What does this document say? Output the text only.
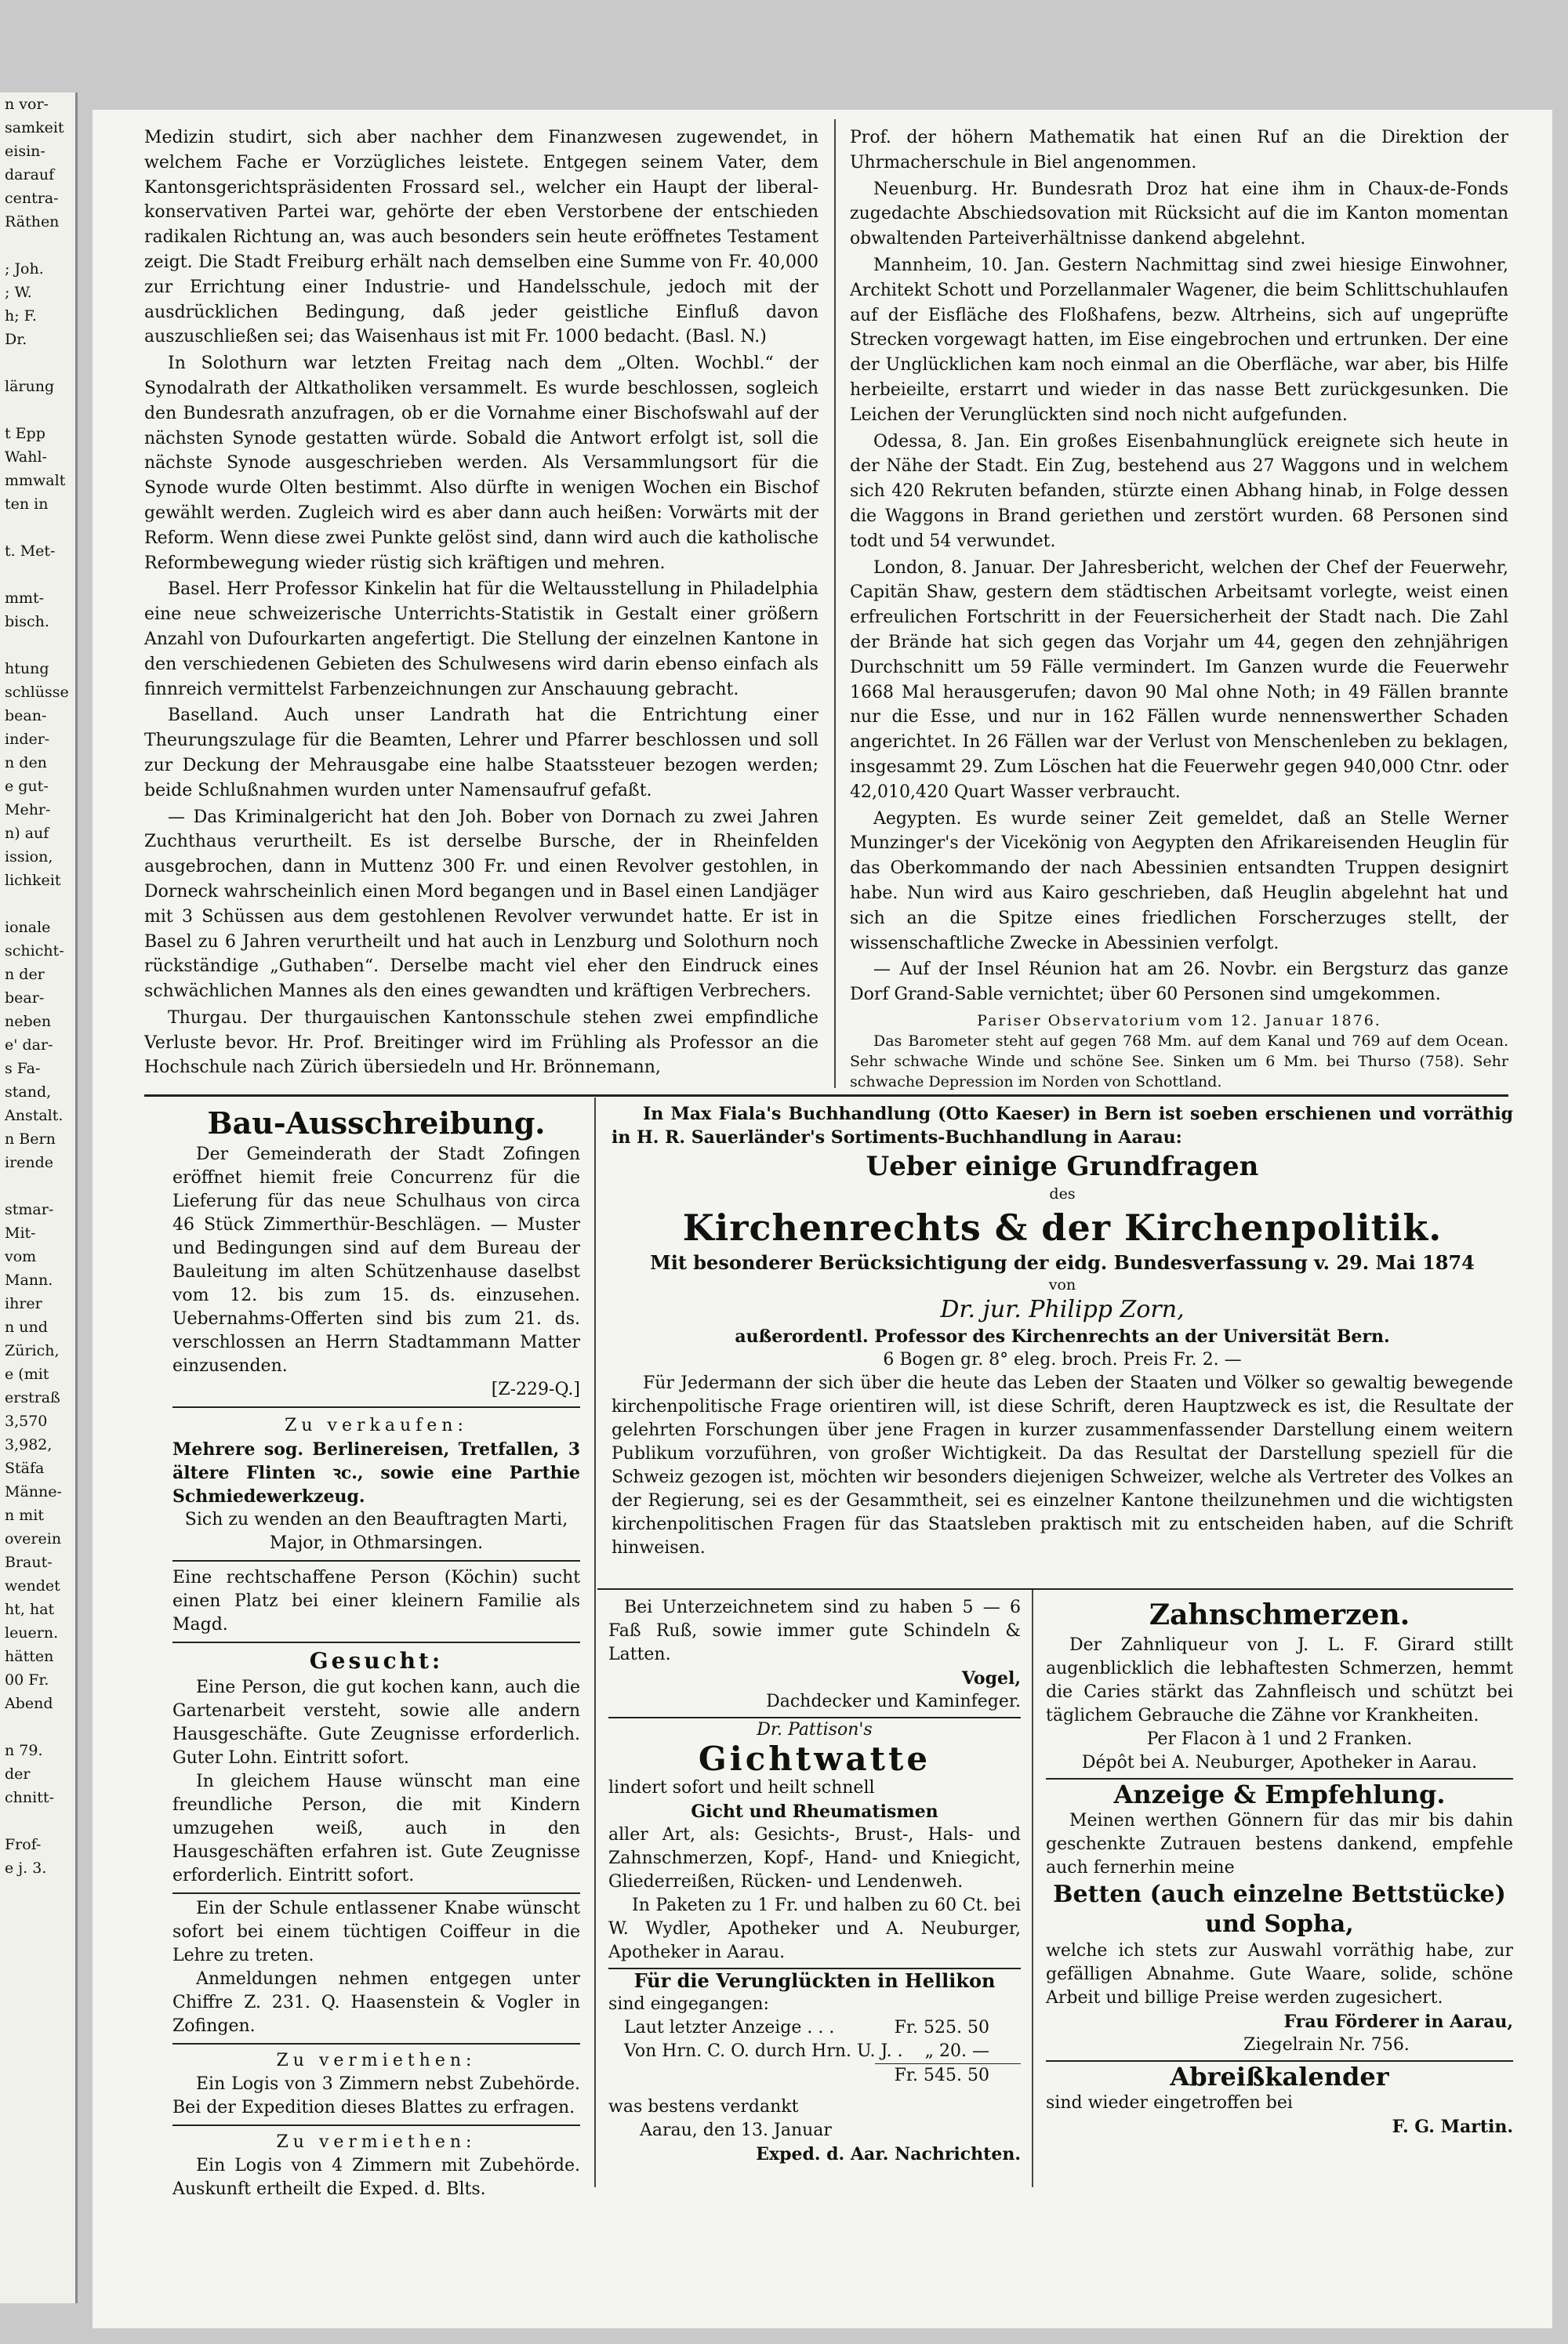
n vor-
samkeit
eisin-
darauf
centra-
Räthen

; Joh.
; W.
h; F.
Dr.

lärung

t Epp
Wahl-
mmwalt
ten in

t. Met-

mmt-
bisch.

htung
schlüsse
bean-
inder-
n den
e gut-
Mehr-
n) auf
ission,
lichkeit

ionale
schicht-
n der
bear-
neben
e' dar-
s Fa-
stand,
Anstalt.
n Bern
irende

stmar-
Mit-
vom
Mann.
ihrer
n und
Zürich,
e (mit
erstraß
3,570
3,982,
Stäfa
Männe-
n mit
overein
Braut-
wendet
ht, hat
leuern.
hätten
00 Fr.
Abend

n 79.
der
chnitt-

Frof-
e j. 3.

Medizin studirt, sich aber nachher dem Finanzwesen zugewendet, in welchem Fache er Vorzügliches leistete. Entgegen seinem Vater, dem Kantonsgerichtspräsidenten Frossard sel., welcher ein Haupt der liberal-konservativen Partei war, gehörte der eben Verstorbene der entschieden radikalen Richtung an, was auch besonders sein heute eröffnetes Testament zeigt. Die Stadt Freiburg erhält nach demselben eine Summe von Fr. 40,000 zur Errichtung einer Industrie- und Handelsschule, jedoch mit der ausdrücklichen Bedingung, daß jeder geistliche Einfluß davon auszuschließen sei; das Waisenhaus ist mit Fr. 1000 bedacht. (Basl. N.)

In Solothurn war letzten Freitag nach dem „Olten. Wochbl.“ der Synodalrath der Altkatholiken versammelt. Es wurde beschlossen, sogleich den Bundesrath anzufragen, ob er die Vornahme einer Bischofswahl auf der nächsten Synode gestatten würde. Sobald die Antwort erfolgt ist, soll die nächste Synode ausgeschrieben werden. Als Versammlungsort für die Synode wurde Olten bestimmt. Also dürfte in wenigen Wochen ein Bischof gewählt werden. Zugleich wird es aber dann auch heißen: Vorwärts mit der Reform. Wenn diese zwei Punkte gelöst sind, dann wird auch die katholische Reformbewegung wieder rüstig sich kräftigen und mehren.

Basel. Herr Professor Kinkelin hat für die Weltausstellung in Philadelphia eine neue schweizerische Unterrichts-Statistik in Gestalt einer größern Anzahl von Dufourkarten angefertigt. Die Stellung der einzelnen Kantone in den verschiedenen Gebieten des Schulwesens wird darin ebenso einfach als finnreich vermittelst Farbenzeichnungen zur Anschauung gebracht.

Baselland. Auch unser Landrath hat die Entrichtung einer Theurungszulage für die Beamten, Lehrer und Pfarrer beschlossen und soll zur Deckung der Mehrausgabe eine halbe Staatssteuer bezogen werden; beide Schlußnahmen wurden unter Namensaufruf gefaßt.

— Das Kriminalgericht hat den Joh. Bober von Dornach zu zwei Jahren Zuchthaus verurtheilt. Es ist derselbe Bursche, der in Rheinfelden ausgebrochen, dann in Muttenz 300 Fr. und einen Revolver gestohlen, in Dorneck wahrscheinlich einen Mord begangen und in Basel einen Landjäger mit 3 Schüssen aus dem gestohlenen Revolver verwundet hatte. Er ist in Basel zu 6 Jahren verurtheilt und hat auch in Lenzburg und Solothurn noch rückständige „Guthaben“. Derselbe macht viel eher den Eindruck eines schwächlichen Mannes als den eines gewandten und kräftigen Verbrechers.

Thurgau. Der thurgauischen Kantonsschule stehen zwei empfindliche Verluste bevor. Hr. Prof. Breitinger wird im Frühling als Professor an die Hochschule nach Zürich übersiedeln und Hr. Brönnemann,

Prof. der höhern Mathematik hat einen Ruf an die Direktion der Uhrmacherschule in Biel angenommen.

Neuenburg. Hr. Bundesrath Droz hat eine ihm in Chaux-de-Fonds zugedachte Abschiedsovation mit Rücksicht auf die im Kanton momentan obwaltenden Parteiverhältnisse dankend abgelehnt.

Mannheim, 10. Jan. Gestern Nachmittag sind zwei hiesige Einwohner, Architekt Schott und Porzellanmaler Wagener, die beim Schlittschuhlaufen auf der Eisfläche des Floßhafens, bezw. Altrheins, sich auf ungeprüfte Strecken vorgewagt hatten, im Eise eingebrochen und ertrunken. Der eine der Unglücklichen kam noch einmal an die Oberfläche, war aber, bis Hilfe herbeieilte, erstarrt und wieder in das nasse Bett zurückgesunken. Die Leichen der Verunglückten sind noch nicht aufgefunden.

Odessa, 8. Jan. Ein großes Eisenbahnunglück ereignete sich heute in der Nähe der Stadt. Ein Zug, bestehend aus 27 Waggons und in welchem sich 420 Rekruten befanden, stürzte einen Abhang hinab, in Folge dessen die Waggons in Brand geriethen und zerstört wurden. 68 Personen sind todt und 54 verwundet.

London, 8. Januar. Der Jahresbericht, welchen der Chef der Feuerwehr, Capitän Shaw, gestern dem städtischen Arbeitsamt vorlegte, weist einen erfreulichen Fortschritt in der Feuersicherheit der Stadt nach. Die Zahl der Brände hat sich gegen das Vorjahr um 44, gegen den zehnjährigen Durchschnitt um 59 Fälle vermindert. Im Ganzen wurde die Feuerwehr 1668 Mal herausgerufen; davon 90 Mal ohne Noth; in 49 Fällen brannte nur die Esse, und nur in 162 Fällen wurde nennenswerther Schaden angerichtet. In 26 Fällen war der Verlust von Menschenleben zu beklagen, insgesammt 29. Zum Löschen hat die Feuerwehr gegen 940,000 Ctnr. oder 42,010,420 Quart Wasser verbraucht.

Aegypten. Es wurde seiner Zeit gemeldet, daß an Stelle Werner Munzinger's der Vicekönig von Aegypten den Afrikareisenden Heuglin für das Oberkommando der nach Abessinien entsandten Truppen designirt habe. Nun wird aus Kairo geschrieben, daß Heuglin abgelehnt hat und sich an die Spitze eines friedlichen Forscherzuges stellt, der wissenschaftliche Zwecke in Abessinien verfolgt.

— Auf der Insel Réunion hat am 26. Novbr. ein Bergsturz das ganze Dorf Grand-Sable vernichtet; über 60 Personen sind umgekommen.

Pariser Observatorium vom 12. Januar 1876.
Das Barometer steht auf gegen 768 Mm. auf dem Kanal und 769 auf dem Ocean. Sehr schwache Winde und schöne See. Sinken um 6 Mm. bei Thurso (758). Sehr schwache Depression im Norden von Schottland.
Bau-Ausschreibung.
Der Gemeinderath der Stadt Zofingen eröffnet hiemit freie Concurrenz für die Lieferung für das neue Schulhaus von circa 46 Stück Zimmerthür-Beschlägen. — Muster und Bedingungen sind auf dem Bureau der Bauleitung im alten Schützenhause daselbst vom 12. bis zum 15. ds. einzusehen. Uebernahms-Offerten sind bis zum 21. ds. verschlossen an Herrn Stadtammann Matter einzusenden.
[Z-229-Q.]
Zu verkaufen:
Mehrere sog. Berlinereisen, Tretfallen, 3 ältere Flinten ꝛc., sowie eine Parthie Schmiedewerkzeug.
Sich zu wenden an den Beauftragten Marti, Major, in Othmarsingen.
Eine rechtschaffene Person (Köchin) sucht einen Platz bei einer kleinern Familie als Magd.
Gesucht:
Eine Person, die gut kochen kann, auch die Gartenarbeit versteht, sowie alle andern Hausgeschäfte. Gute Zeugnisse erforderlich. Guter Lohn. Eintritt sofort.
In gleichem Hause wünscht man eine freundliche Person, die mit Kindern umzugehen weiß, auch in den Hausgeschäften erfahren ist. Gute Zeugnisse erforderlich. Eintritt sofort.
Ein der Schule entlassener Knabe wünscht sofort bei einem tüchtigen Coiffeur in die Lehre zu treten.
Anmeldungen nehmen entgegen unter Chiffre Z. 231. Q. Haasenstein & Vogler in Zofingen.
Zu vermiethen:
Ein Logis von 3 Zimmern nebst Zubehörde. Bei der Expedition dieses Blattes zu erfragen.
Zu vermiethen:
Ein Logis von 4 Zimmern mit Zubehörde. Auskunft ertheilt die Exped. d. Blts.
In Max Fiala's Buchhandlung (Otto Kaeser) in Bern ist soeben erschienen und vorräthig in H. R. Sauerländer's Sortiments-Buchhandlung in Aarau:
Ueber einige Grundfragen
des
Kirchenrechts & der Kirchenpolitik.
Mit besonderer Berücksichtigung der eidg. Bundesverfassung v. 29. Mai 1874
von
Dr. jur. Philipp Zorn,
außerordentl. Professor des Kirchenrechts an der Universität Bern.
6 Bogen gr. 8° eleg. broch. Preis Fr. 2. —
Für Jedermann der sich über die heute das Leben der Staaten und Völker so gewaltig bewegende kirchenpolitische Frage orientiren will, ist diese Schrift, deren Hauptzweck es ist, die Resultate der gelehrten Forschungen über jene Fragen in kurzer zusammenfassender Darstellung einem weitern Publikum vorzuführen, von großer Wichtigkeit. Da das Resultat der Darstellung speziell für die Schweiz gezogen ist, möchten wir besonders diejenigen Schweizer, welche als Vertreter des Volkes an der Regierung, sei es der Gesammtheit, sei es einzelner Kantone theilzunehmen und die wichtigsten kirchenpolitischen Fragen für das Staatsleben praktisch mit zu entscheiden haben, auf die Schrift hinweisen.
Bei Unterzeichnetem sind zu haben 5 — 6 Faß Ruß, sowie immer gute Schindeln & Latten.
Vogel,
Dachdecker und Kaminfeger.
Dr. Pattison's
Gichtwatte
lindert sofort und heilt schnell
Gicht und Rheumatismen
aller Art, als: Gesichts-, Brust-, Hals- und Zahnschmerzen, Kopf-, Hand- und Kniegicht, Gliederreißen, Rücken- und Lendenweh.
In Paketen zu 1 Fr. und halben zu 60 Ct. bei W. Wydler, Apotheker und A. Neuburger, Apotheker in Aarau.
Für die Verunglückten in Hellikon
sind eingegangen:
Laut letzter Anzeige . . .	Fr. 525. 50
Von Hrn. C. O. durch Hrn. U. J. . „ 20. —
Fr. 545. 50
was bestens verdankt
Aarau, den 13. Januar
Exped. d. Aar. Nachrichten.
Zahnschmerzen.
Der Zahnliqueur von J. L. F. Girard stillt augenblicklich die lebhaftesten Schmerzen, hemmt die Caries stärkt das Zahnfleisch und schützt bei täglichem Gebrauche die Zähne vor Krankheiten.
Per Flacon à 1 und 2 Franken.
Dépôt bei A. Neuburger, Apotheker in Aarau.
Anzeige & Empfehlung.
Meinen werthen Gönnern für das mir bis dahin geschenkte Zutrauen bestens dankend, empfehle auch fernerhin meine
Betten (auch einzelne Bettstücke) und Sopha,
welche ich stets zur Auswahl vorräthig habe, zur gefälligen Abnahme. Gute Waare, solide, schöne Arbeit und billige Preise werden zugesichert.
Frau Förderer in Aarau,
Ziegelrain Nr. 756.
Abreißkalender
sind wieder eingetroffen bei
F. G. Martin.
